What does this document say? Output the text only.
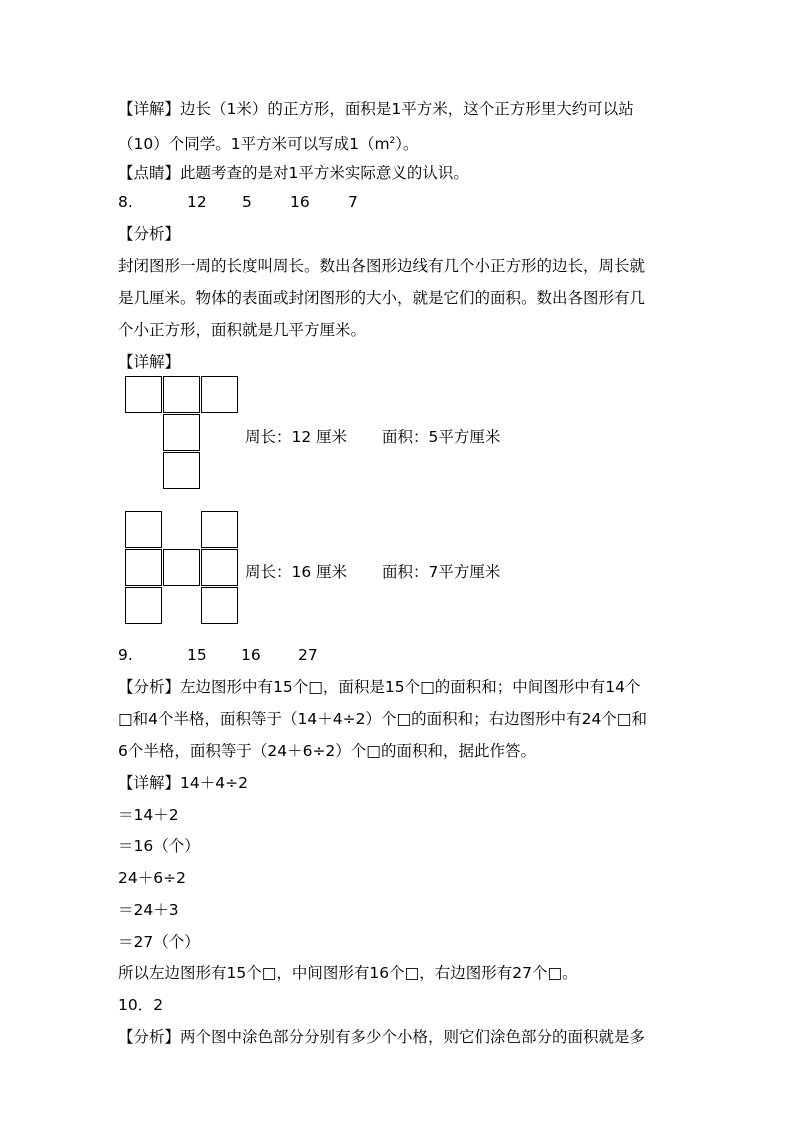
【详解】边长（1米）的正方形，面积是1平方米，这个正方形里大约可以站
（10）个同学。1平方米可以写成$1(m^2)$。
【点睛】此题考查的是对1平方米实际意义的认识。
8.	12 5 16 7
【分析】
封闭图形一周的长度叫周长。数出各图形边线有几个小正方形的边长，周长就
是几厘米。物体的表面或封闭图形的大小，就是它们的面积。数出各图形有几
个小正方形，面积就是几平方厘米。
【详解】
周长：12 厘米 面积：5平方厘米
周长：16 厘米 面积：7平方厘米
9.	15 16 27
【分析】左边图形中有15个□，面积是15个□的面积和；中间图形中有14个
□和4个半格，面积等于（14＋4÷2）个□的面积和；右边图形中有24个□和
6个半格，面积等于（24＋6÷2）个□的面积和，据此作答。
【详解】14＋4÷2
＝14＋2
＝16（个）
24＋6÷2
＝24＋3
＝27（个）
所以左边图形有15个□，中间图形有16个□，右边图形有27个□。
10．2
【分析】两个图中涂色部分分别有多少个小格，则它们涂色部分的面积就是多
